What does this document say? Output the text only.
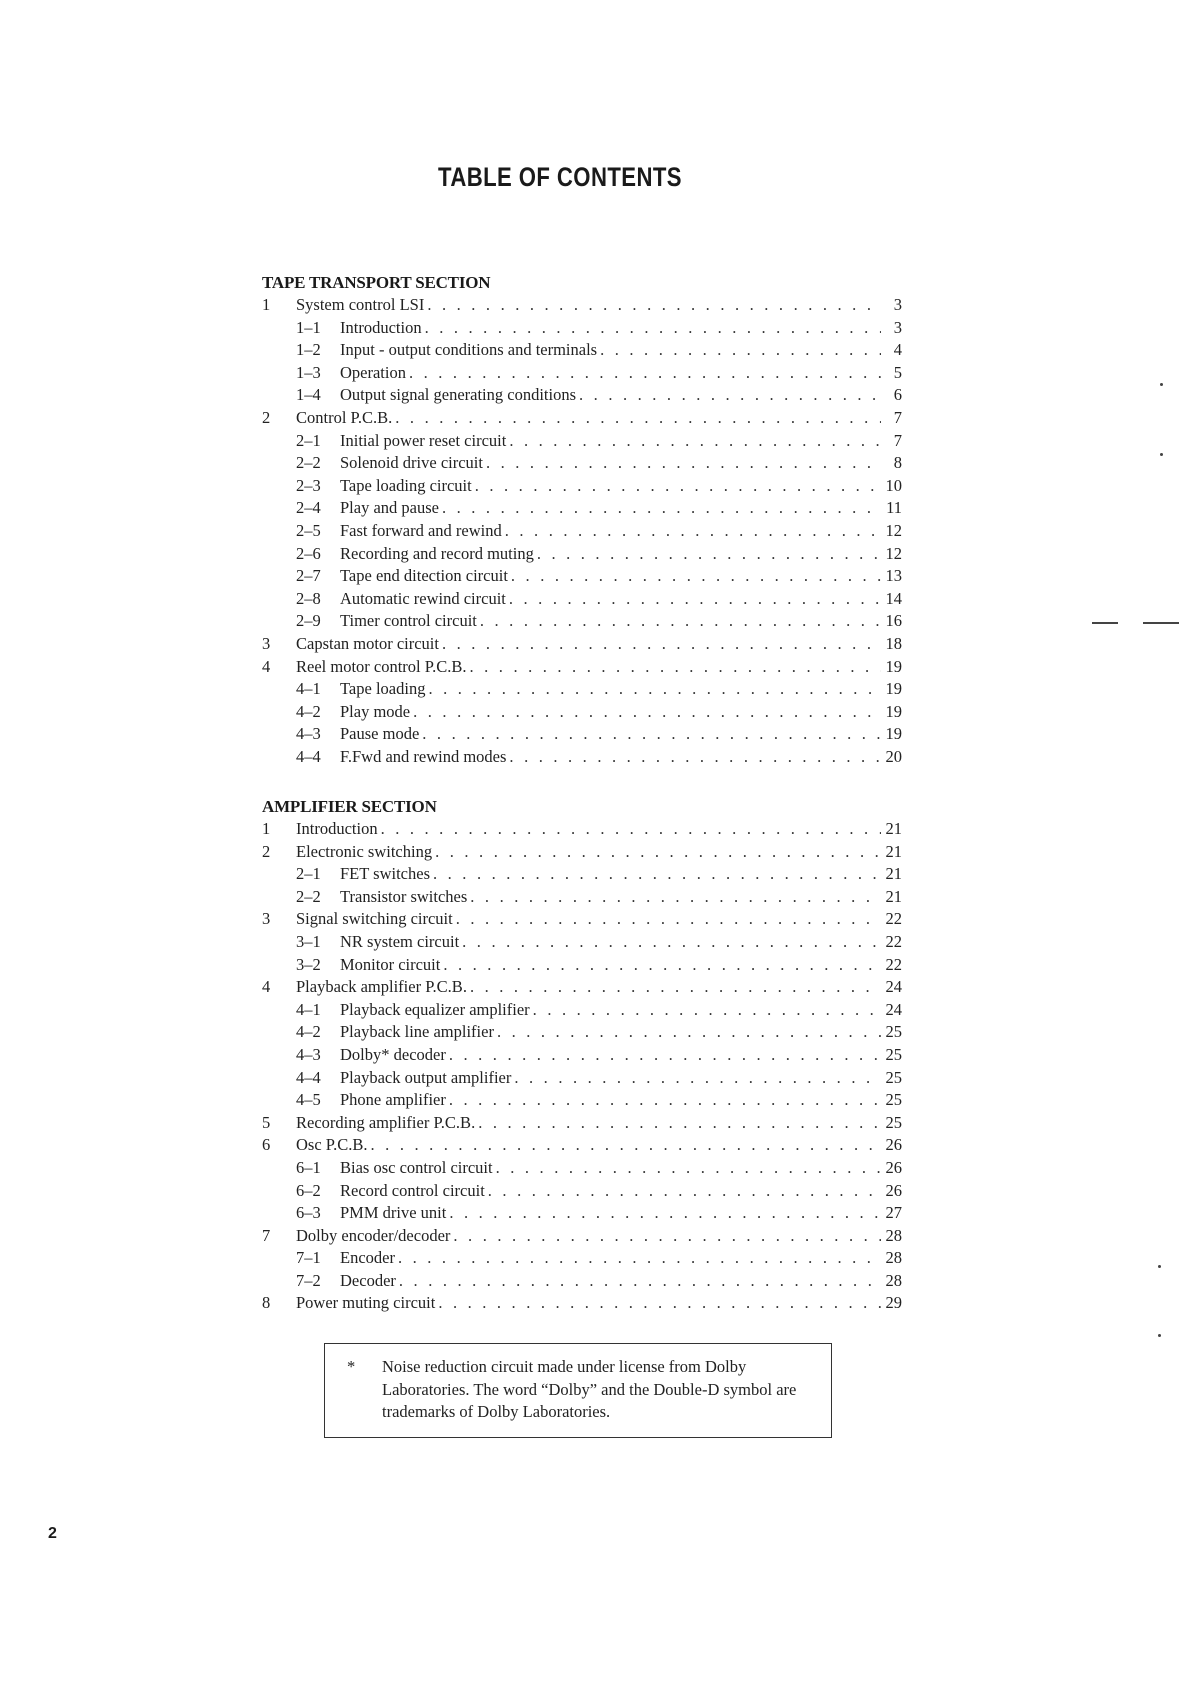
TABLE OF CONTENTS
TAPE TRANSPORT SECTION
1	System control LSI . . .	3
1–1	Introduction . . .	3
1–2	Input - output conditions and terminals . . .	4
1–3	Operation . . .	5
1–4	Output signal generating conditions . . .	6
2	Control P.C.B. . . .	7
2–1	Initial power reset circuit . . .	7
2–2	Solenoid drive circuit . . .	8
2–3	Tape loading circuit . . .	10
2–4	Play and pause . . .	11
2–5	Fast forward and rewind . . .	12
2–6	Recording and record muting . . .	12
2–7	Tape end ditection circuit . . .	13
2–8	Automatic rewind circuit . . .	14
2–9	Timer control circuit . . .	16
3	Capstan motor circuit . . .	18
4	Reel motor control P.C.B. . . .	19
4–1	Tape loading . . .	19
4–2	Play mode . . .	19
4–3	Pause mode . . .	19
4–4	F.Fwd and rewind modes . . .	20
AMPLIFIER SECTION
1	Introduction . . .	21
2	Electronic switching . . .	21
2–1	FET switches . . .	21
2–2	Transistor switches . . .	21
3	Signal switching circuit . . .	22
3–1	NR system circuit . . .	22
3–2	Monitor circuit . . .	22
4	Playback amplifier P.C.B. . . .	24
4–1	Playback equalizer amplifier . . .	24
4–2	Playback line amplifier . . .	25
4–3	Dolby* decoder . . .	25
4–4	Playback output amplifier . . .	25
4–5	Phone amplifier . . .	25
5	Recording amplifier P.C.B. . . .	25
6	Osc P.C.B. . . .	26
6–1	Bias osc control circuit . . .	26
6–2	Record control circuit . . .	26
6–3	PMM drive unit . . .	27
7	Dolby encoder/decoder . . .	28
7–1	Encoder . . .	28
7–2	Decoder . . .	28
8	Power muting circuit . . .	29
* Noise reduction circuit made under license from Dolby Laboratories. The word “Dolby” and the Double-D symbol are trademarks of Dolby Laboratories.
2
